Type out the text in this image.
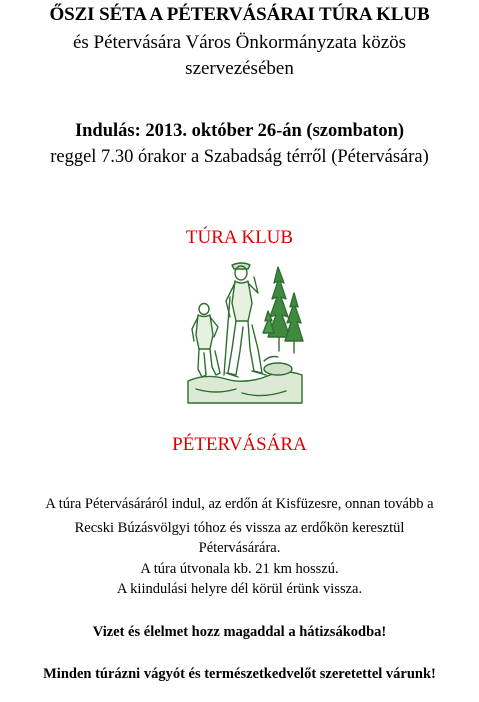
ŐSZI SÉTA A PÉTERVÁSÁRAI TÚRA KLUB
és Pétervására Város Önkormányzata közös
szervezésében
Indulás: 2013. október 26-án (szombaton)
reggel 7.30 órakor a Szabadság térről (Pétervására)
TÚRA KLUB
PÉTERVÁSÁRA
A túra Pétervásáráról indul, az erdőn át Kisfüzesre, onnan tovább a
Recski Búzásvölgyi tóhoz és vissza az erdőkön keresztül
Pétervásárára.
A túra útvonala kb. 21 km hosszú.
A kiindulási helyre dél körül érünk vissza.
Vizet és élelmet hozz magaddal a hátizsákodba!
Minden túrázni vágyót és természetkedvelőt szeretettel várunk!
